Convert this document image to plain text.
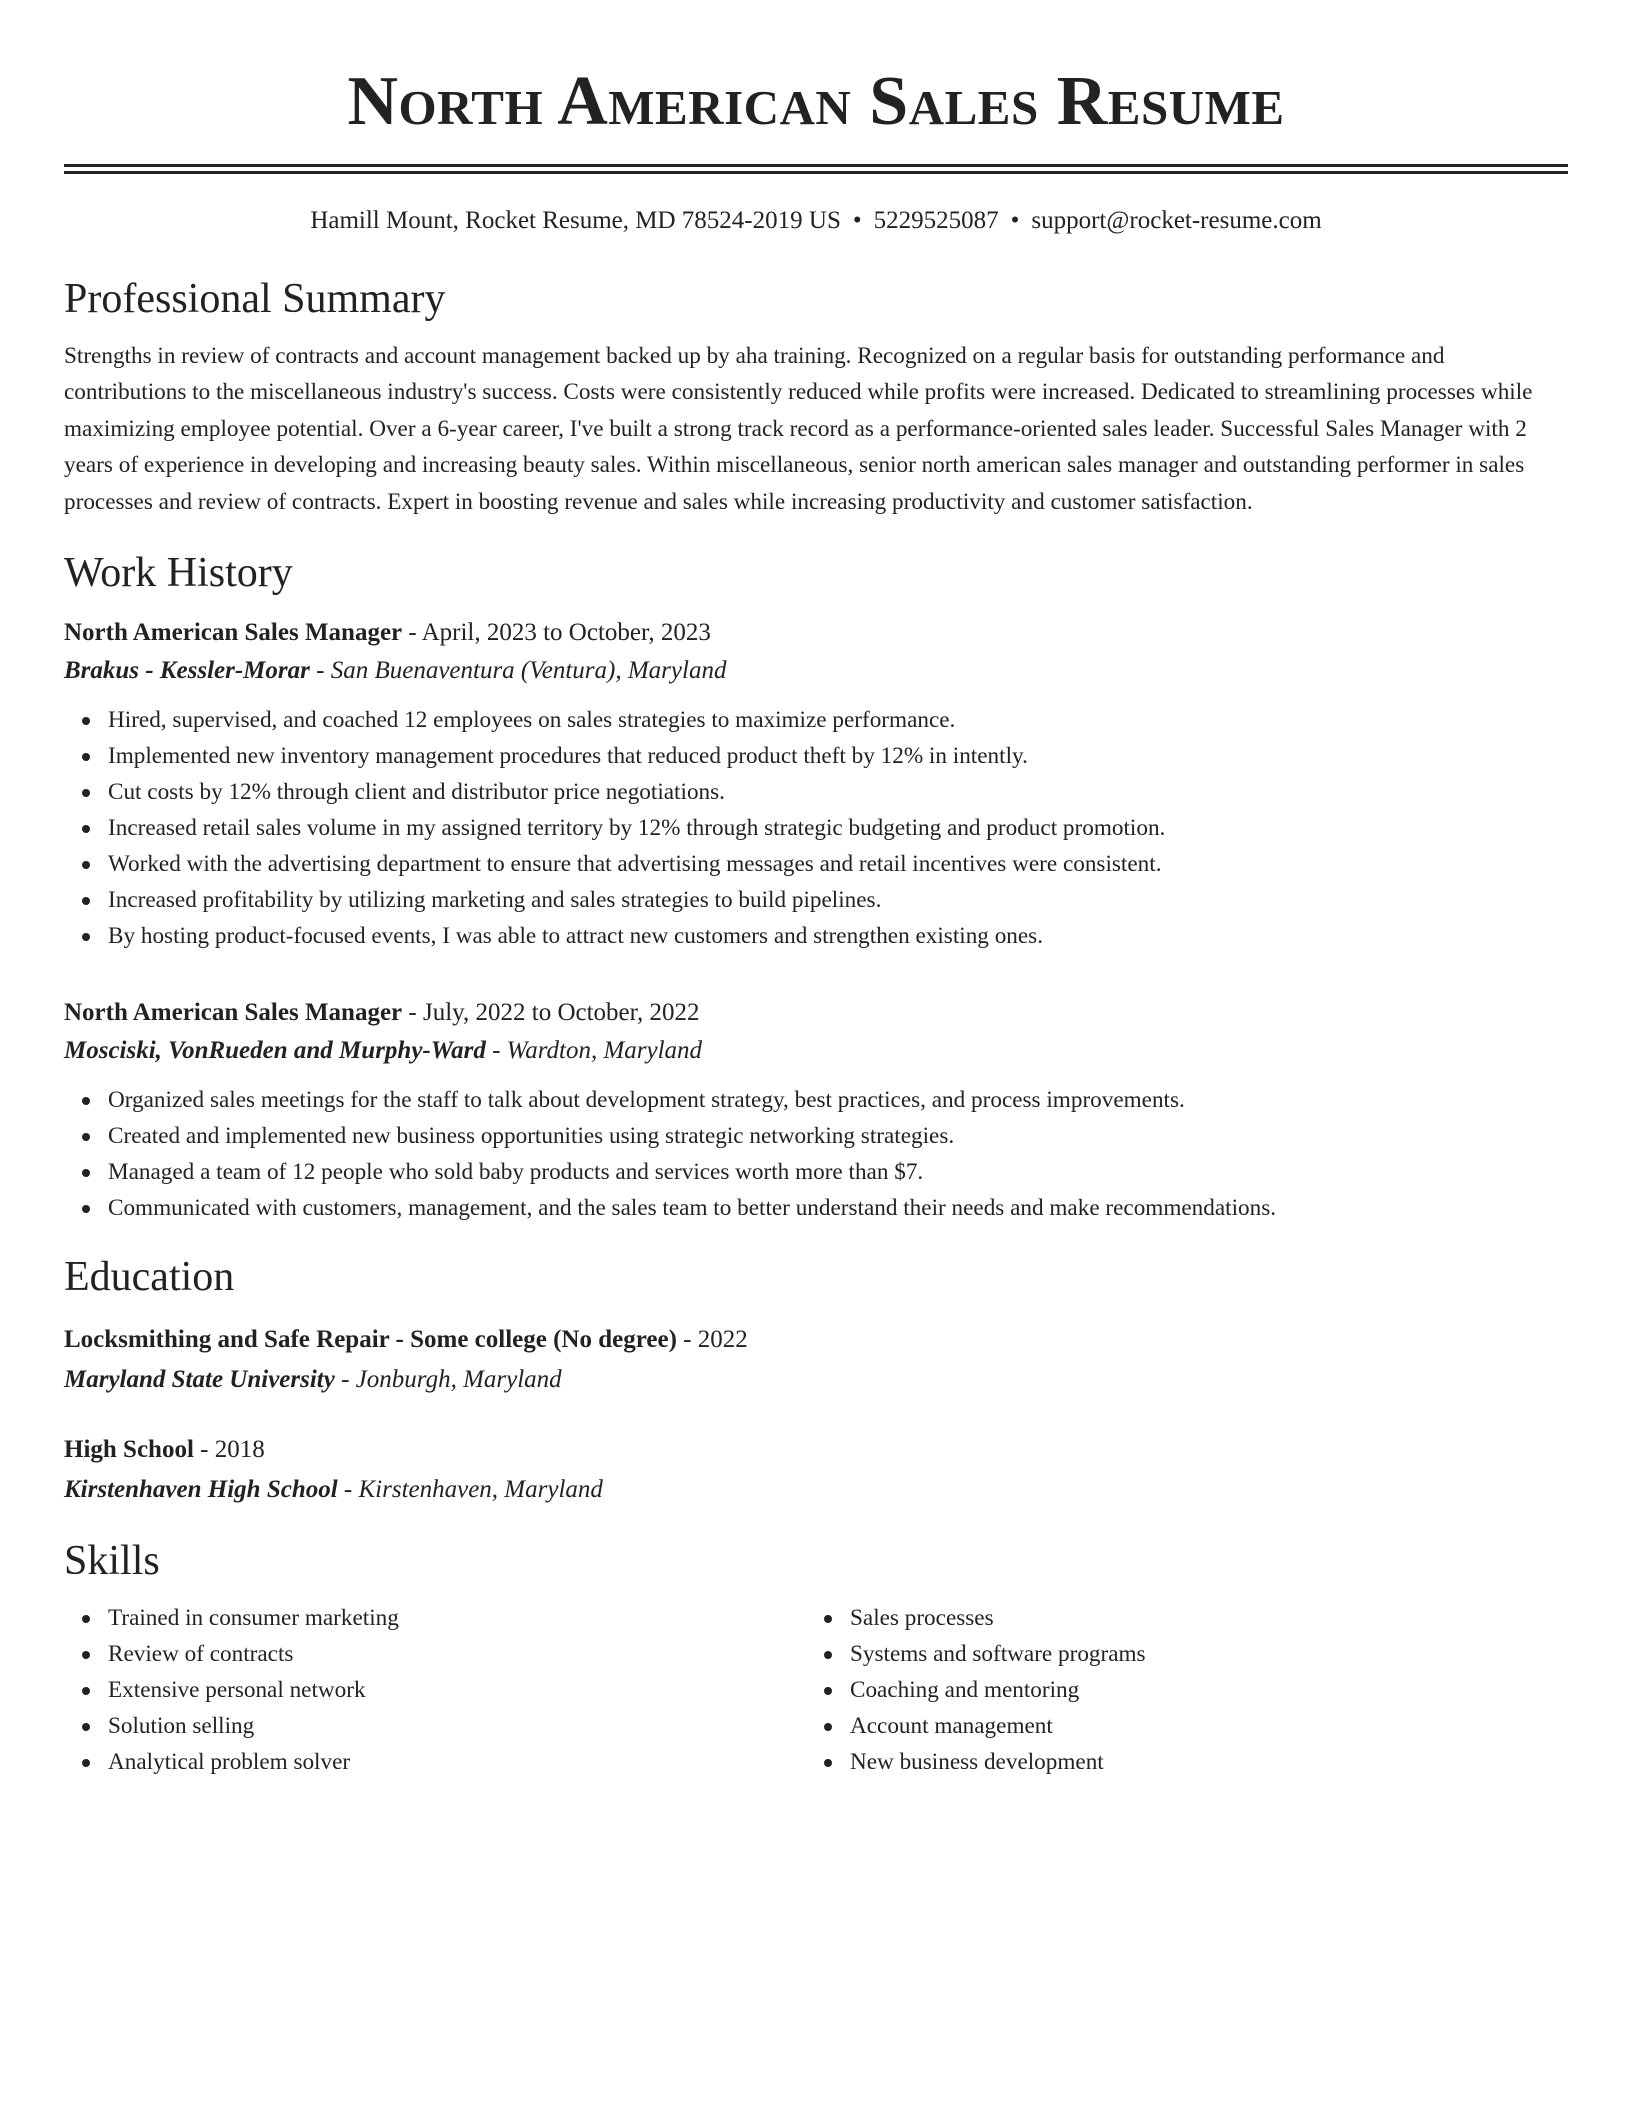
North American Sales Resume
Hamill Mount, Rocket Resume, MD 78524-2019 US • 5229525087 • support@rocket-resume.com
Professional Summary

Strengths in review of contracts and account management backed up by aha training. Recognized on a regular basis for outstanding performance and contributions to the miscellaneous industry's success. Costs were consistently reduced while profits were increased. Dedicated to streamlining processes while maximizing employee potential. Over a 6-year career, I've built a strong track record as a performance-oriented sales leader. Successful Sales Manager with 2 years of experience in developing and increasing beauty sales. Within miscellaneous, senior north american sales manager and outstanding performer in sales processes and review of contracts. Expert in boosting revenue and sales while increasing productivity and customer satisfaction.

Work History
North American Sales Manager - April, 2023 to October, 2023
Brakus - Kessler-Morar - San Buenaventura (Ventura), Maryland
Hired, supervised, and coached 12 employees on sales strategies to maximize performance.
Implemented new inventory management procedures that reduced product theft by 12% in intently.
Cut costs by 12% through client and distributor price negotiations.
Increased retail sales volume in my assigned territory by 12% through strategic budgeting and product promotion.
Worked with the advertising department to ensure that advertising messages and retail incentives were consistent.
Increased profitability by utilizing marketing and sales strategies to build pipelines.
By hosting product-focused events, I was able to attract new customers and strengthen existing ones.
North American Sales Manager - July, 2022 to October, 2022
Mosciski, VonRueden and Murphy-Ward - Wardton, Maryland
Organized sales meetings for the staff to talk about development strategy, best practices, and process improvements.
Created and implemented new business opportunities using strategic networking strategies.
Managed a team of 12 people who sold baby products and services worth more than $7.
Communicated with customers, management, and the sales team to better understand their needs and make recommendations.
Education
Locksmithing and Safe Repair - Some college (No degree) - 2022
Maryland State University - Jonburgh, Maryland
High School - 2018
Kirstenhaven High School - Kirstenhaven, Maryland
Skills
Trained in consumer marketing
Review of contracts
Extensive personal network
Solution selling
Analytical problem solver
Sales processes
Systems and software programs
Coaching and mentoring
Account management
New business development
